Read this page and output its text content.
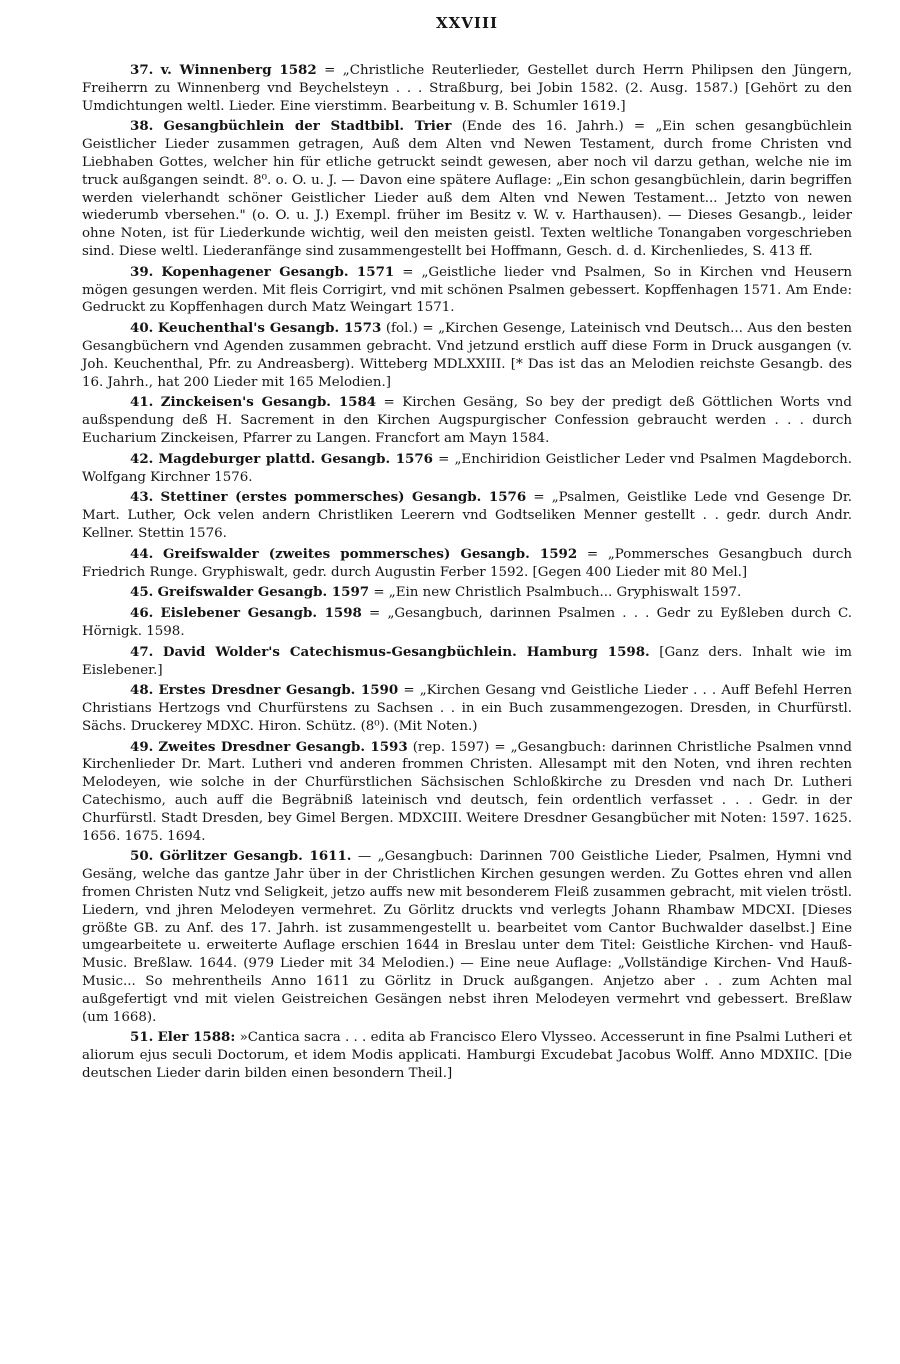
XXVIII

37. v. Winnenberg 1582 = „Christliche Reuterlieder, Gestellet durch Herrn Philipsen den Jüngern, Freiherrn zu Winnenberg vnd Beychelsteyn . . . Straßburg, bei Jobin 1582. (2. Ausg. 1587.) [Gehört zu den Umdichtungen weltl. Lieder. Eine vierstimm. Bearbeitung v. B. Schumler 1619.]

38. Gesangbüchlein der Stadtbibl. Trier (Ende des 16. Jahrh.) = „Ein schen gesangbüchlein Geistlicher Lieder zusammen getragen, Auß dem Alten vnd Newen Testament, durch frome Christen vnd Liebhaben Gottes, welcher hin für etliche getruckt seindt gewesen, aber noch vil darzu gethan, welche nie im truck außgangen seindt. 8⁰. o. O. u. J. — Davon eine spätere Auflage: „Ein schon gesangbüchlein, darin begriffen werden vielerhandt schöner Geistlicher Lieder auß dem Alten vnd Newen Testament... Jetzto von newen wiederumb vbersehen." (o. O. u. J.) Exempl. früher im Besitz v. W. v. Harthausen). — Dieses Gesangb., leider ohne Noten, ist für Liederkunde wichtig, weil den meisten geistl. Texten weltliche Tonangaben vorgeschrieben sind. Diese weltl. Liederanfänge sind zusammengestellt bei Hoffmann, Gesch. d. d. Kirchenliedes, S. 413 ff.

39. Kopenhagener Gesangb. 1571 = „Geistliche lieder vnd Psalmen, So in Kirchen vnd Heusern mögen gesungen werden. Mit fleis Corrigirt, vnd mit schönen Psalmen gebessert. Kopffenhagen 1571. Am Ende: Gedruckt zu Kopffenhagen durch Matz Weingart 1571.

40. Keuchenthal's Gesangb. 1573 (fol.) = „Kirchen Gesenge, Lateinisch vnd Deutsch... Aus den besten Gesangbüchern vnd Agenden zusammen gebracht. Vnd jetzund erstlich auff diese Form in Druck ausgangen (v. Joh. Keuchenthal, Pfr. zu Andreasberg). Witteberg MDLXXIII. [* Das ist das an Melodien reichste Gesangb. des 16. Jahrh., hat 200 Lieder mit 165 Melodien.]

41. Zinckeisen's Gesangb. 1584 = Kirchen Gesäng, So bey der predigt deß Göttlichen Worts vnd außspendung deß H. Sacrement in den Kirchen Augspurgischer Confession gebraucht werden . . . durch Eucharium Zinckeisen, Pfarrer zu Langen. Francfort am Mayn 1584.

42. Magdeburger plattd. Gesangb. 1576 = „Enchiridion Geistlicher Leder vnd Psalmen Magdeborch. Wolfgang Kirchner 1576.

43. Stettiner (erstes pommersches) Gesangb. 1576 = „Psalmen, Geistlike Lede vnd Gesenge Dr. Mart. Luther, Ock velen andern Christliken Leerern vnd Godtseliken Menner gestellt . . gedr. durch Andr. Kellner. Stettin 1576.

44. Greifswalder (zweites pommersches) Gesangb. 1592 = „Pommersches Gesangbuch durch Friedrich Runge. Gryphiswalt, gedr. durch Augustin Ferber 1592. [Gegen 400 Lieder mit 80 Mel.]

45. Greifswalder Gesangb. 1597 = „Ein new Christlich Psalmbuch... Gryphiswalt 1597.

46. Eislebener Gesangb. 1598 = „Gesangbuch, darinnen Psalmen . . . Gedr zu Eyßleben durch C. Hörnigk. 1598.

47. David Wolder's Catechismus-Gesangbüchlein. Hamburg 1598. [Ganz ders. Inhalt wie im Eislebener.]

48. Erstes Dresdner Gesangb. 1590 = „Kirchen Gesang vnd Geistliche Lieder . . . Auff Befehl Herren Christians Hertzogs vnd Churfürstens zu Sachsen . . in ein Buch zusammengezogen. Dresden, in Churfürstl. Sächs. Druckerey MDXC. Hiron. Schütz. (8⁰). (Mit Noten.)

49. Zweites Dresdner Gesangb. 1593 (rep. 1597) = „Gesangbuch: darinnen Christliche Psalmen vnnd Kirchenlieder Dr. Mart. Lutheri vnd anderen frommen Christen. Allesampt mit den Noten, vnd ihren rechten Melodeyen, wie solche in der Churfürstlichen Sächsischen Schloßkirche zu Dresden vnd nach Dr. Lutheri Catechismo, auch auff die Begräbniß lateinisch vnd deutsch, fein ordentlich verfasset . . . Gedr. in der Churfürstl. Stadt Dresden, bey Gimel Bergen. MDXCIII. Weitere Dresdner Gesangbücher mit Noten: 1597. 1625. 1656. 1675. 1694.

50. Görlitzer Gesangb. 1611. — „Gesangbuch: Darinnen 700 Geistliche Lieder, Psalmen, Hymni vnd Gesäng, welche das gantze Jahr über in der Christlichen Kirchen gesungen werden. Zu Gottes ehren vnd allen fromen Christen Nutz vnd Seligkeit, jetzo auffs new mit besonderem Fleiß zusammen gebracht, mit vielen tröstl. Liedern, vnd jhren Melodeyen vermehret. Zu Görlitz druckts vnd verlegts Johann Rhambaw MDCXI. [Dieses größte GB. zu Anf. des 17. Jahrh. ist zusammengestellt u. bearbeitet vom Cantor Buchwalder daselbst.] Eine umgearbeitete u. erweiterte Auflage erschien 1644 in Breslau unter dem Titel: Geistliche Kirchen- vnd Hauß-Music. Breßlaw. 1644. (979 Lieder mit 34 Melodien.) — Eine neue Auflage: „Vollständige Kirchen- Vnd Hauß-Music... So mehrentheils Anno 1611 zu Görlitz in Druck außgangen. Anjetzo aber . . zum Achten mal außgefertigt vnd mit vielen Geistreichen Gesängen nebst ihren Melodeyen vermehrt vnd gebessert. Breßlaw (um 1668).

51. Eler 1588: »Cantica sacra . . . edita ab Francisco Elero Vlysseo. Accesserunt in fine Psalmi Lutheri et aliorum ejus seculi Doctorum, et idem Modis applicati. Hamburgi Excudebat Jacobus Wolff. Anno MDXIIC. [Die deutschen Lieder darin bilden einen besondern Theil.]
